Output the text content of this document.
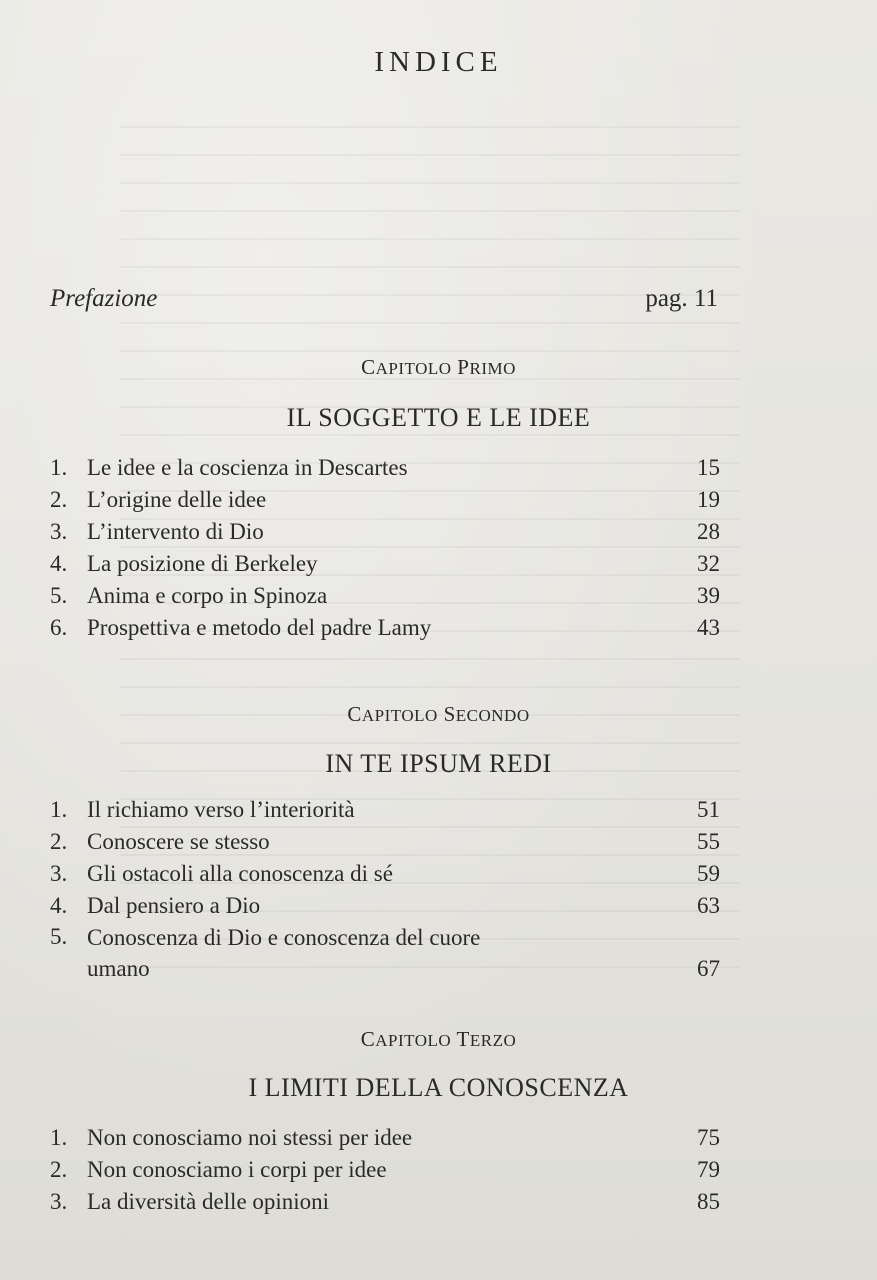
INDICE
Prefazione	pag. 11
CAPITOLO PRIMO
IL SOGGETTO E LE IDEE
1. Le idee e la coscienza in Descartes	15
2. L’origine delle idee	19
3. L’intervento di Dio	28
4. La posizione di Berkeley	32
5. Anima e corpo in Spinoza	39
6. Prospettiva e metodo del padre Lamy	43
CAPITOLO SECONDO
IN TE IPSUM REDI
1. Il richiamo verso l’interiorità	51
2. Conoscere se stesso	55
3. Gli ostacoli alla conoscenza di sé	59
4. Dal pensiero a Dio	63
5. Conoscenza di Dio e conoscenza del cuore
umano	67
CAPITOLO TERZO
I LIMITI DELLA CONOSCENZA
1. Non conosciamo noi stessi per idee	75
2. Non conosciamo i corpi per idee	79
3. La diversità delle opinioni	85
